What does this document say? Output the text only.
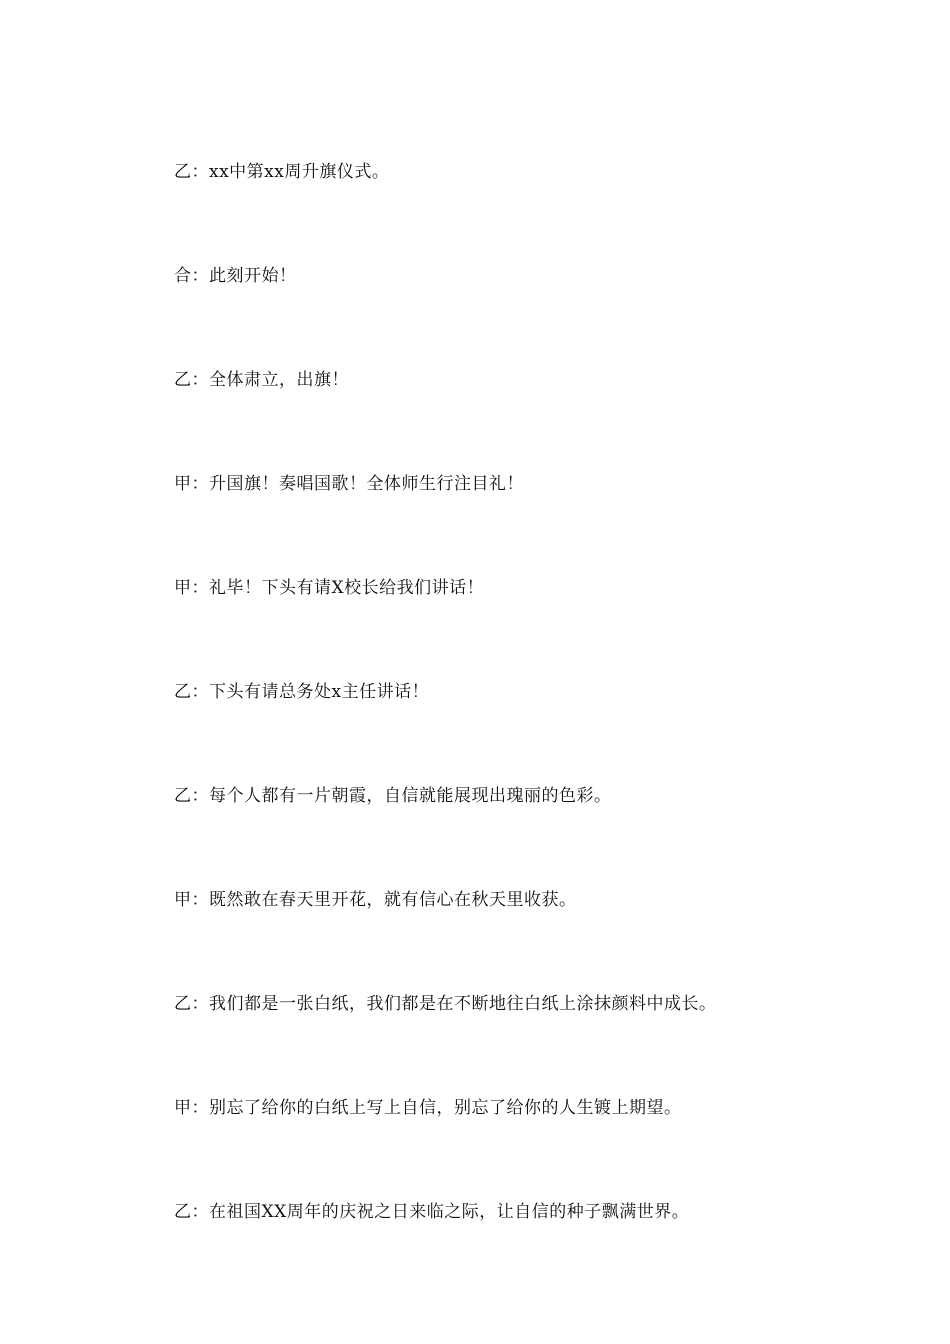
乙：xx中第xx周升旗仪式。
合：此刻开始！
乙：全体肃立，出旗！
甲：升国旗！奏唱国歌！全体师生行注目礼！
甲：礼毕！下头有请X校长给我们讲话！
乙：下头有请总务处x主任讲话！
乙：每个人都有一片朝霞，自信就能展现出瑰丽的色彩。
甲：既然敢在春天里开花，就有信心在秋天里收获。
乙：我们都是一张白纸，我们都是在不断地往白纸上涂抹颜料中成长。
甲：别忘了给你的白纸上写上自信，别忘了给你的人生镀上期望。
乙：在祖国XX周年的庆祝之日来临之际，让自信的种子飘满世界。
